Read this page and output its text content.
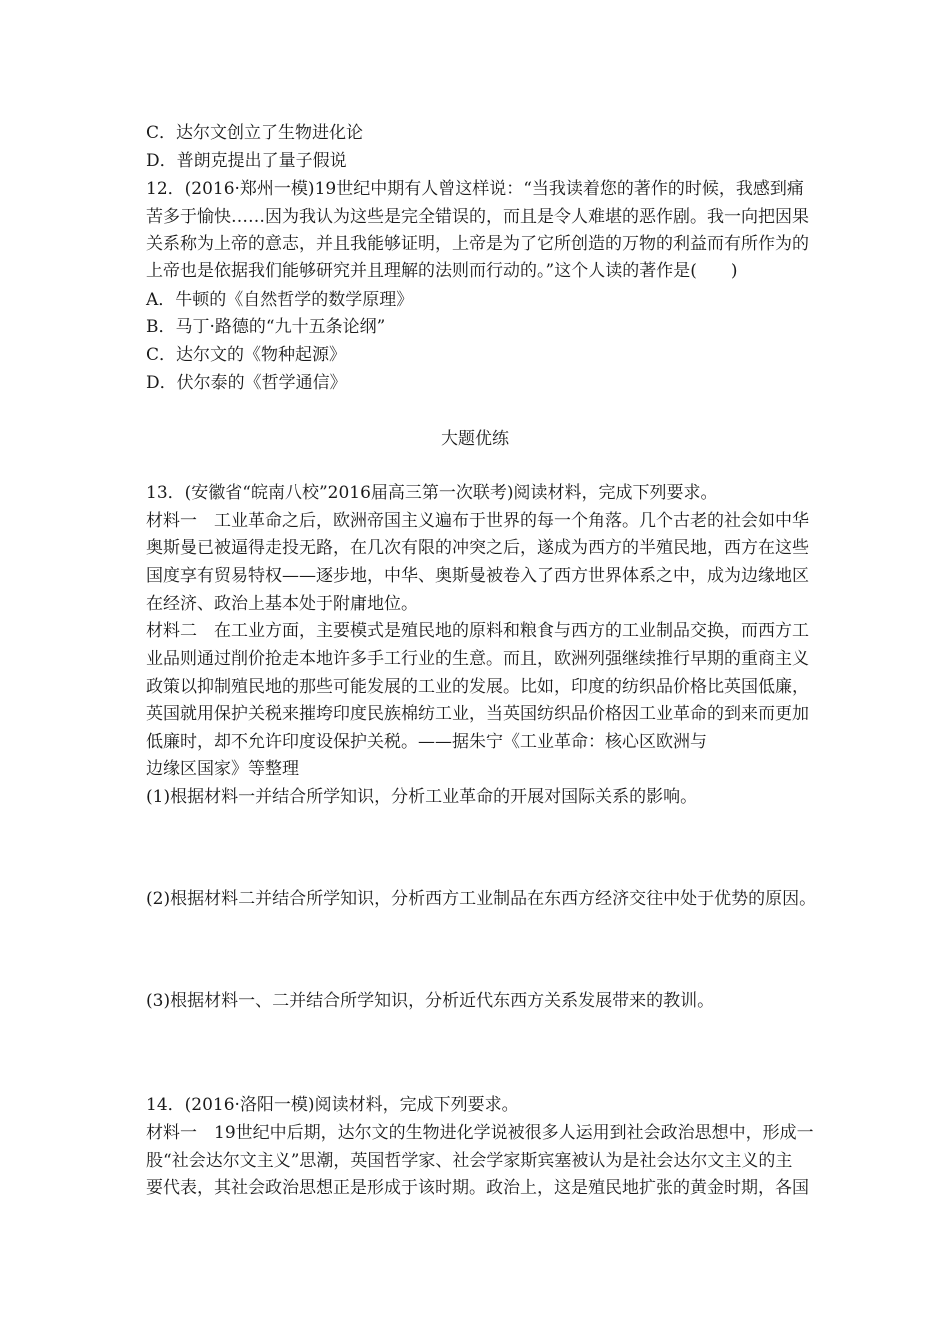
C．达尔文创立了生物进化论
D．普朗克提出了量子假说
12．(2016·郑州一模)19世纪中期有人曾这样说：“当我读着您的著作的时候，我感到痛
苦多于愉快……因为我认为这些是完全错误的，而且是令人难堪的恶作剧。我一向把因果
关系称为上帝的意志，并且我能够证明，上帝是为了它所创造的万物的利益而有所作为的
上帝也是依据我们能够研究并且理解的法则而行动的。”这个人读的著作是(　　)
A．牛顿的《自然哲学的数学原理》
B．马丁·路德的“九十五条论纲”
C．达尔文的《物种起源》
D．伏尔泰的《哲学通信》
大题优练
13．(安徽省“皖南八校”2016届高三第一次联考)阅读材料，完成下列要求。
材料一　工业革命之后，欧洲帝国主义遍布于世界的每一个角落。几个古老的社会如中华
奥斯曼已被逼得走投无路，在几次有限的冲突之后，遂成为西方的半殖民地，西方在这些
国度享有贸易特权——逐步地，中华、奥斯曼被卷入了西方世界体系之中，成为边缘地区
在经济、政治上基本处于附庸地位。
材料二　在工业方面，主要模式是殖民地的原料和粮食与西方的工业制品交换，而西方工
业品则通过削价抢走本地许多手工行业的生意。而且，欧洲列强继续推行早期的重商主义
政策以抑制殖民地的那些可能发展的工业的发展。比如，印度的纺织品价格比英国低廉，
英国就用保护关税来摧垮印度民族棉纺工业，当英国纺织品价格因工业革命的到来而更加
低廉时，却不允许印度设保护关税。——据朱宁《工业革命：核心区欧洲与
边缘区国家》等整理
(1)根据材料一并结合所学知识，分析工业革命的开展对国际关系的影响。
(2)根据材料二并结合所学知识，分析西方工业制品在东西方经济交往中处于优势的原因。
(3)根据材料一、二并结合所学知识，分析近代东西方关系发展带来的教训。
14．(2016·洛阳一模)阅读材料，完成下列要求。
材料一　19世纪中后期，达尔文的生物进化学说被很多人运用到社会政治思想中，形成一
股“社会达尔文主义”思潮，英国哲学家、社会学家斯宾塞被认为是社会达尔文主义的主
要代表，其社会政治思想正是形成于该时期。政治上，这是殖民地扩张的黄金时期，各国
